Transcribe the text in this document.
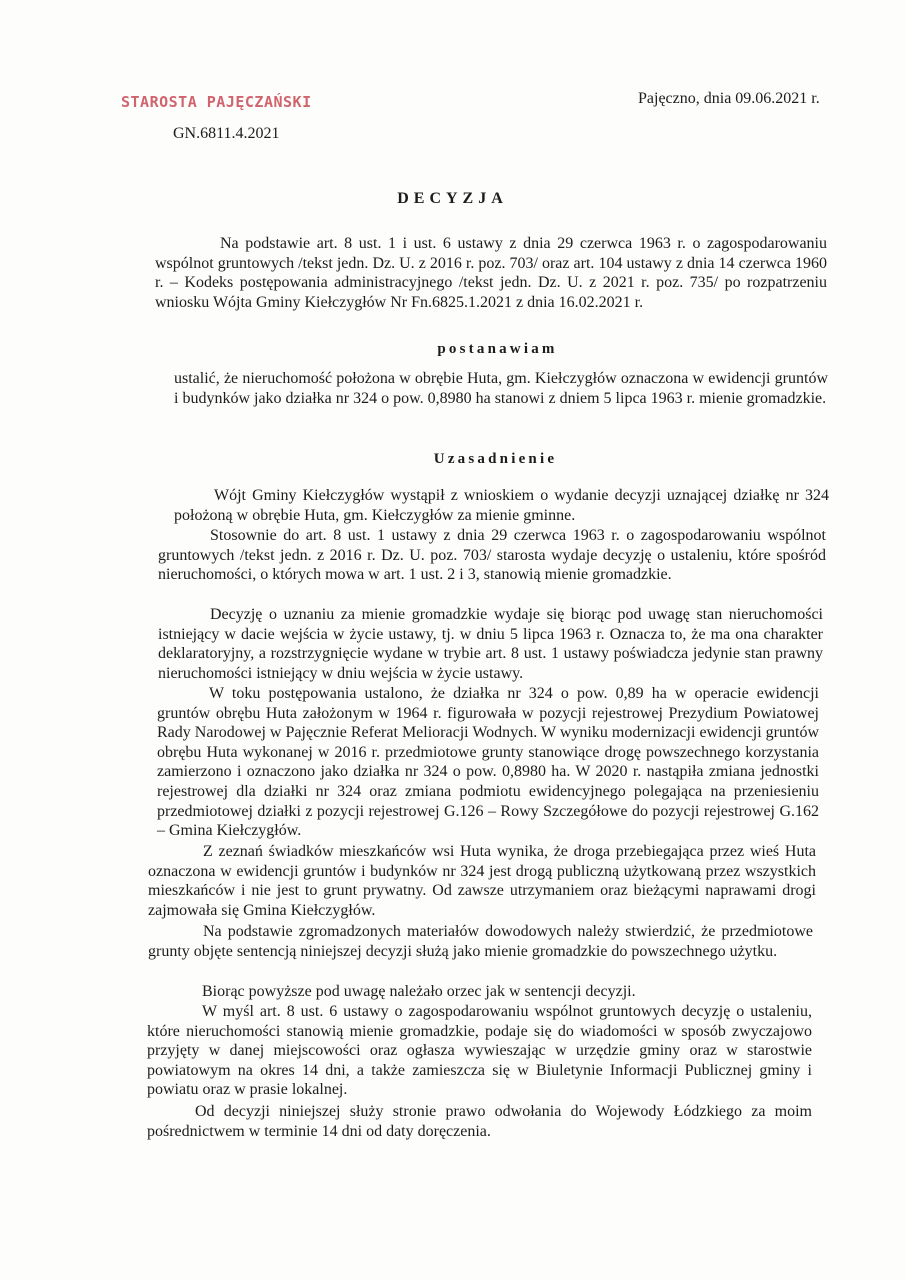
STAROSTA PAJĘCZAŃSKI	Pajęczno, dnia 09.06.2021 r.
GN.6811.4.2021
DECYZJA
Na podstawie art. 8 ust. 1 i ust. 6 ustawy z dnia 29 czerwca 1963 r. o zagospodarowaniu wspólnot gruntowych /tekst jedn. Dz. U. z 2016 r. poz. 703/ oraz art. 104 ustawy z dnia 14 czerwca 1960 r. – Kodeks postępowania administracyjnego /tekst jedn. Dz. U. z 2021 r. poz. 735/ po rozpatrzeniu wniosku Wójta Gminy Kiełczygłów Nr Fn.6825.1.2021 z dnia 16.02.2021 r.
postanawiam
ustalić, że nieruchomość położona w obrębie Huta, gm. Kiełczygłów oznaczona w ewidencji gruntów i budynków jako działka nr 324 o pow. 0,8980 ha stanowi z dniem 5 lipca 1963 r. mienie gromadzkie.
Uzasadnienie
Wójt Gminy Kiełczygłów wystąpił z wnioskiem o wydanie decyzji uznającej działkę nr 324 położoną w obrębie Huta, gm. Kiełczygłów za mienie gminne.
Stosownie do art. 8 ust. 1 ustawy z dnia 29 czerwca 1963 r. o zagospodarowaniu wspólnot gruntowych /tekst jedn. z 2016 r. Dz. U. poz. 703/ starosta wydaje decyzję o ustaleniu, które spośród nieruchomości, o których mowa w art. 1 ust. 2 i 3, stanowią mienie gromadzkie.
Decyzję o uznaniu za mienie gromadzkie wydaje się biorąc pod uwagę stan nieruchomości istniejący w dacie wejścia w życie ustawy, tj. w dniu 5 lipca 1963 r. Oznacza to, że ma ona charakter deklaratoryjny, a rozstrzygnięcie wydane w trybie art. 8 ust. 1 ustawy poświadcza jedynie stan prawny nieruchomości istniejący w dniu wejścia w życie ustawy.
W toku postępowania ustalono, że działka nr 324 o pow. 0,89 ha w operacie ewidencji gruntów obrębu Huta założonym w 1964 r. figurowała w pozycji rejestrowej Prezydium Powiatowej Rady Narodowej w Pajęcznie Referat Melioracji Wodnych. W wyniku modernizacji ewidencji gruntów obrębu Huta wykonanej w 2016 r. przedmiotowe grunty stanowiące drogę powszechnego korzystania zamierzono i oznaczono jako działka nr 324 o pow. 0,8980 ha. W 2020 r. nastąpiła zmiana jednostki rejestrowej dla działki nr 324 oraz zmiana podmiotu ewidencyjnego polegająca na przeniesieniu przedmiotowej działki z pozycji rejestrowej G.126 – Rowy Szczegółowe do pozycji rejestrowej G.162 – Gmina Kiełczygłów.
Z zeznań świadków mieszkańców wsi Huta wynika, że droga przebiegająca przez wieś Huta oznaczona w ewidencji gruntów i budynków nr 324 jest drogą publiczną użytkowaną przez wszystkich mieszkańców i nie jest to grunt prywatny. Od zawsze utrzymaniem oraz bieżącymi naprawami drogi zajmowała się Gmina Kiełczygłów.
Na podstawie zgromadzonych materiałów dowodowych należy stwierdzić, że przedmiotowe grunty objęte sentencją niniejszej decyzji służą jako mienie gromadzkie do powszechnego użytku.
Biorąc powyższe pod uwagę należało orzec jak w sentencji decyzji.
W myśl art. 8 ust. 6 ustawy o zagospodarowaniu wspólnot gruntowych decyzję o ustaleniu, które nieruchomości stanowią mienie gromadzkie, podaje się do wiadomości w sposób zwyczajowo przyjęty w danej miejscowości oraz ogłasza wywieszając w urzędzie gminy oraz w starostwie powiatowym na okres 14 dni, a także zamieszcza się w Biuletynie Informacji Publicznej gminy i powiatu oraz w prasie lokalnej.
Od decyzji niniejszej służy stronie prawo odwołania do Wojewody Łódzkiego za moim pośrednictwem w terminie 14 dni od daty doręczenia.
